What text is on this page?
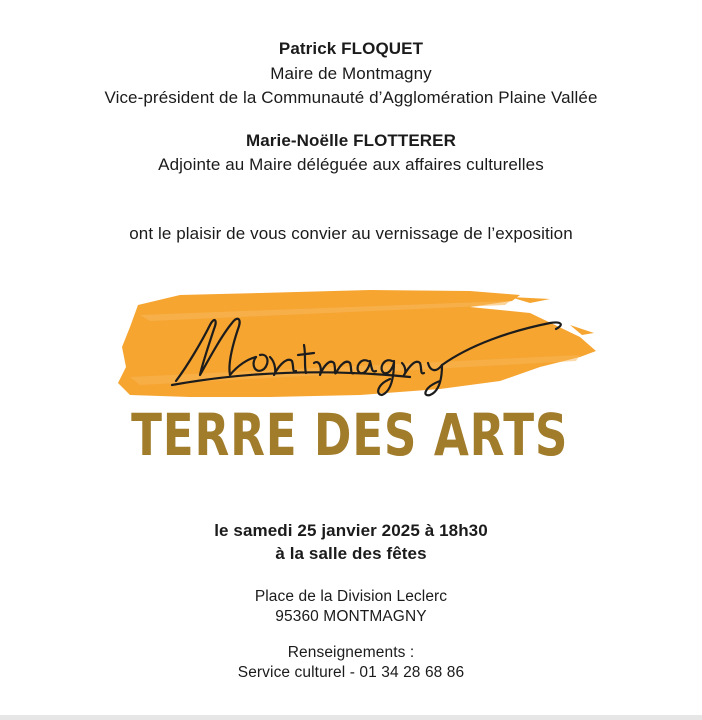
Patrick FLOQUET
Maire de Montmagny
Vice-président de la Communauté d’Agglomération Plaine Vallée
Marie-Noëlle FLOTTERER
Adjointe au Maire déléguée aux affaires culturelles
ont le plaisir de vous convier au vernissage de l’exposition
Montmagny
TERRE DES ARTS
le samedi 25 janvier 2025 à 18h30
à la salle des fêtes
Place de la Division Leclerc
95360 MONTMAGNY
Renseignements :
Service culturel - 01 34 28 68 86
